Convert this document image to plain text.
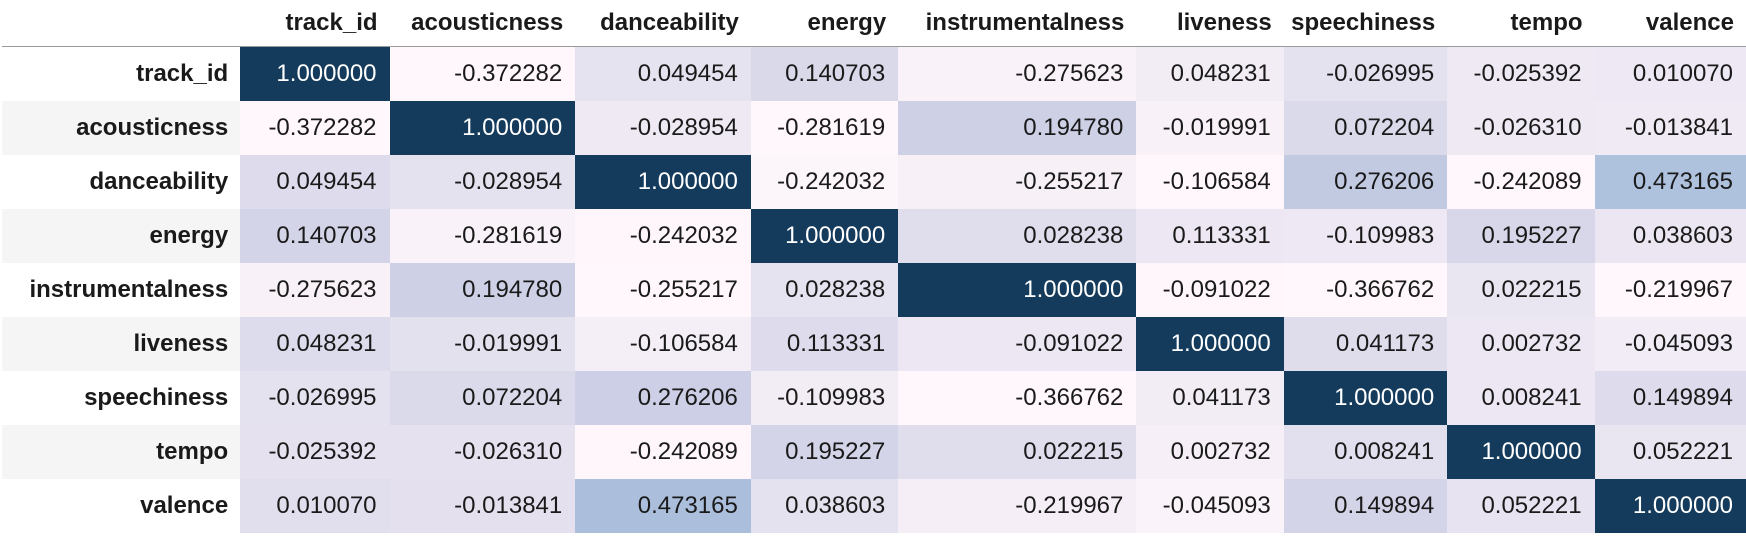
	track_id	acousticness	danceability	energy	instrumentalness	liveness	speechiness	tempo	valence
track_id	1.000000	-0.372282	0.049454	0.140703	-0.275623	0.048231	-0.026995	-0.025392	0.010070
acousticness	-0.372282	1.000000	-0.028954	-0.281619	0.194780	-0.019991	0.072204	-0.026310	-0.013841
danceability	0.049454	-0.028954	1.000000	-0.242032	-0.255217	-0.106584	0.276206	-0.242089	0.473165
energy	0.140703	-0.281619	-0.242032	1.000000	0.028238	0.113331	-0.109983	0.195227	0.038603
instrumentalness	-0.275623	0.194780	-0.255217	0.028238	1.000000	-0.091022	-0.366762	0.022215	-0.219967
liveness	0.048231	-0.019991	-0.106584	0.113331	-0.091022	1.000000	0.041173	0.002732	-0.045093
speechiness	-0.026995	0.072204	0.276206	-0.109983	-0.366762	0.041173	1.000000	0.008241	0.149894
tempo	-0.025392	-0.026310	-0.242089	0.195227	0.022215	0.002732	0.008241	1.000000	0.052221
valence	0.010070	-0.013841	0.473165	0.038603	-0.219967	-0.045093	0.149894	0.052221	1.000000
